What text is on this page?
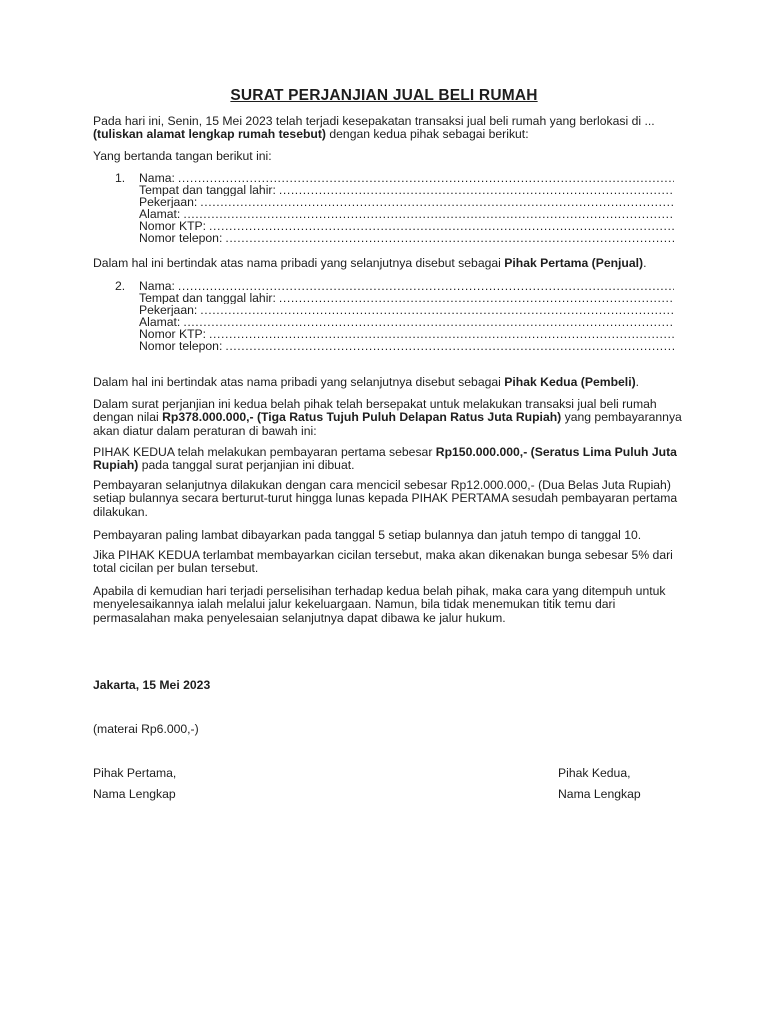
SURAT PERJANJIAN JUAL BELI RUMAH

Pada hari ini, Senin, 15 Mei 2023 telah terjadi kesepakatan transaksi jual beli rumah yang berlokasi di ...
(tuliskan alamat lengkap rumah tesebut) dengan kedua pihak sebagai berikut:

Yang bertanda tangan berikut ini:

1. Nama:
.....
Tempat dan tanggal lahir:
.....
Pekerjaan:
.....
Alamat:
.....
Nomor KTP:
.....
Nomor telepon:
.....

Dalam hal ini bertindak atas nama pribadi yang selanjutnya disebut sebagai Pihak Pertama (Penjual).

2. Nama:
.....
Tempat dan tanggal lahir:
.....
Pekerjaan:
.....
Alamat:
.....
Nomor KTP:
.....
Nomor telepon:
.....

Dalam hal ini bertindak atas nama pribadi yang selanjutnya disebut sebagai Pihak Kedua (Pembeli).

Dalam surat perjanjian ini kedua belah pihak telah bersepakat untuk melakukan transaksi jual beli rumah dengan nilai Rp378.000.000,- (Tiga Ratus Tujuh Puluh Delapan Ratus Juta Rupiah) yang pembayarannya akan diatur dalam peraturan di bawah ini:

PIHAK KEDUA telah melakukan pembayaran pertama sebesar Rp150.000.000,- (Seratus Lima Puluh Juta Rupiah) pada tanggal surat perjanjian ini dibuat.

Pembayaran selanjutnya dilakukan dengan cara mencicil sebesar Rp12.000.000,- (Dua Belas Juta Rupiah) setiap bulannya secara berturut-turut hingga lunas kepada PIHAK PERTAMA sesudah pembayaran pertama dilakukan.

Pembayaran paling lambat dibayarkan pada tanggal 5 setiap bulannya dan jatuh tempo di tanggal 10.

Jika PIHAK KEDUA terlambat membayarkan cicilan tersebut, maka akan dikenakan bunga sebesar 5% dari total cicilan per bulan tersebut.

Apabila di kemudian hari terjadi perselisihan terhadap kedua belah pihak, maka cara yang ditempuh untuk menyelesaikannya ialah melalui jalur kekeluargaan. Namun, bila tidak menemukan titik temu dari permasalahan maka penyelesaian selanjutnya dapat dibawa ke jalur hukum.

Jakarta, 15 Mei 2023

(materai Rp6.000,-)

Pihak Pertama,
Nama Lengkap
Pihak Kedua,
Nama Lengkap
